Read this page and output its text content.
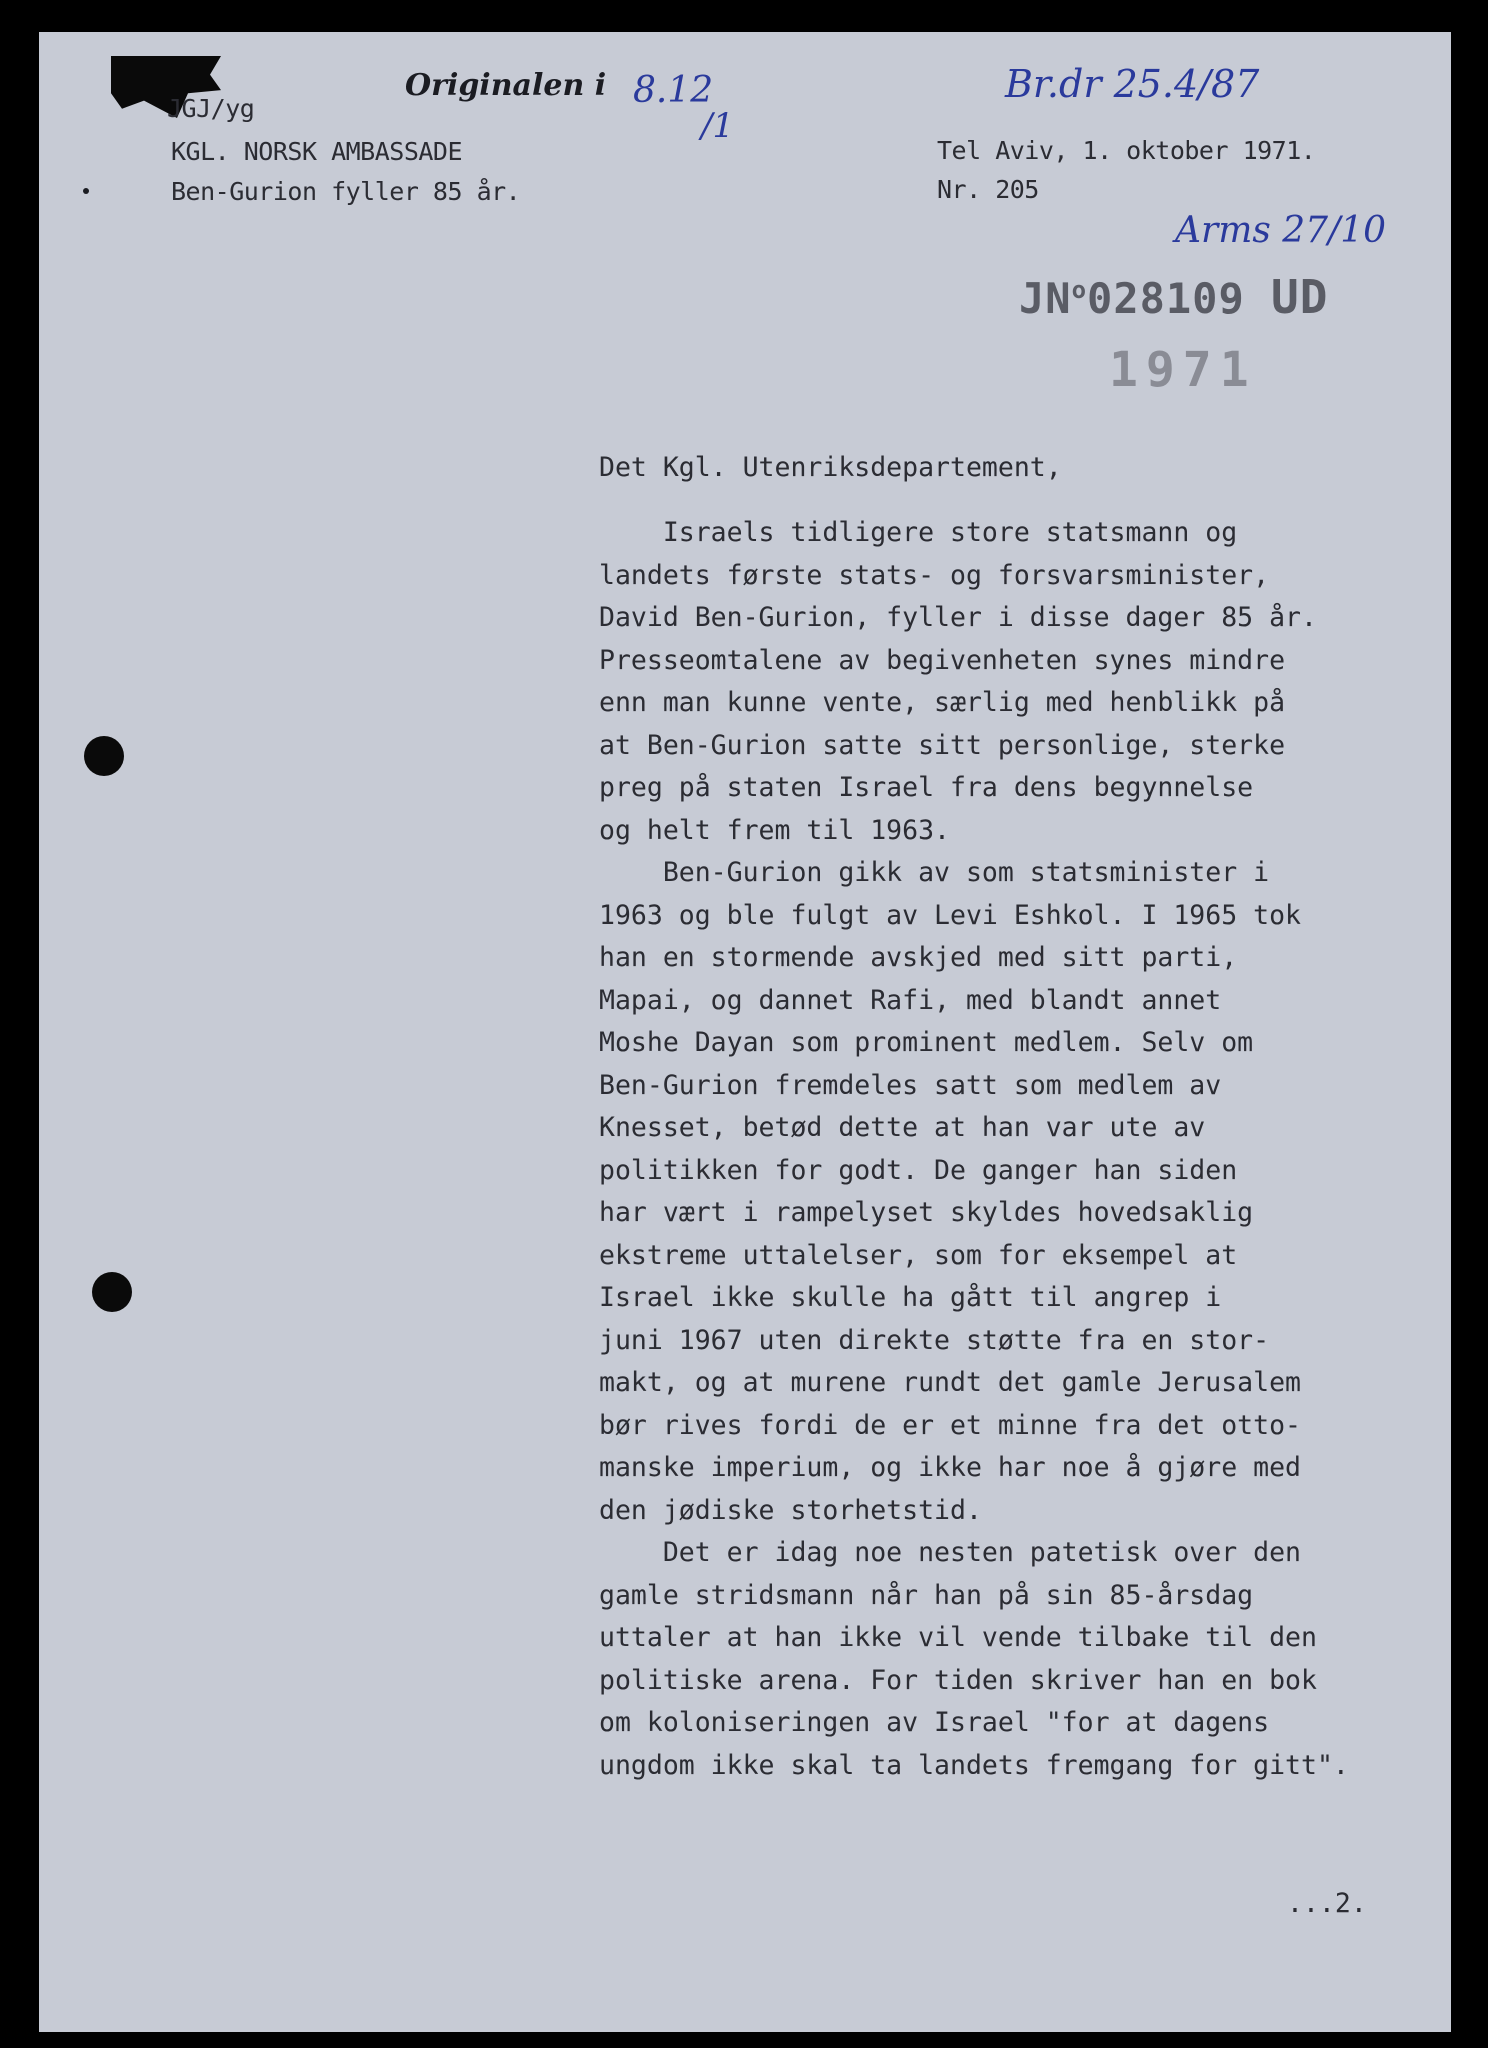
JGJ/yg

KGL. NORSK AMBASSADE

Ben-Gurion fyller 85 år.

Tel Aviv, 1. oktober 1971.

Nr. 205

Originalen i 8.12

/1

Br.dr 25.4/87

Arms 27/10

$JN^o028109$ UD

1971

Det Kgl. Utenriksdepartement,

Israels tidligere store statsmann og
landets første stats- og forsvarsminister,
David Ben-Gurion, fyller i disse dager 85 år.
Presseomtalene av begivenheten synes mindre
enn man kunne vente, særlig med henblikk på
at Ben-Gurion satte sitt personlige, sterke
preg på staten Israel fra dens begynnelse
og helt frem til 1963.
Ben-Gurion gikk av som statsminister i
1963 og ble fulgt av Levi Eshkol. I 1965 tok
han en stormende avskjed med sitt parti,
Mapai, og dannet Rafi, med blandt annet
Moshe Dayan som prominent medlem. Selv om
Ben-Gurion fremdeles satt som medlem av
Knesset, betød dette at han var ute av
politikken for godt. De ganger han siden
har vært i rampelyset skyldes hovedsaklig
ekstreme uttalelser, som for eksempel at
Israel ikke skulle ha gått til angrep i
juni 1967 uten direkte støtte fra en stor-
makt, og at murene rundt det gamle Jerusalem
bør rives fordi de er et minne fra det otto-
manske imperium, og ikke har noe å gjøre med
den jødiske storhetstid.
Det er idag noe nesten patetisk over den
gamle stridsmann når han på sin 85-årsdag
uttaler at han ikke vil vende tilbake til den
politiske arena. For tiden skriver han en bok
om koloniseringen av Israel "for at dagens
ungdom ikke skal ta landets fremgang for gitt".

...2.
